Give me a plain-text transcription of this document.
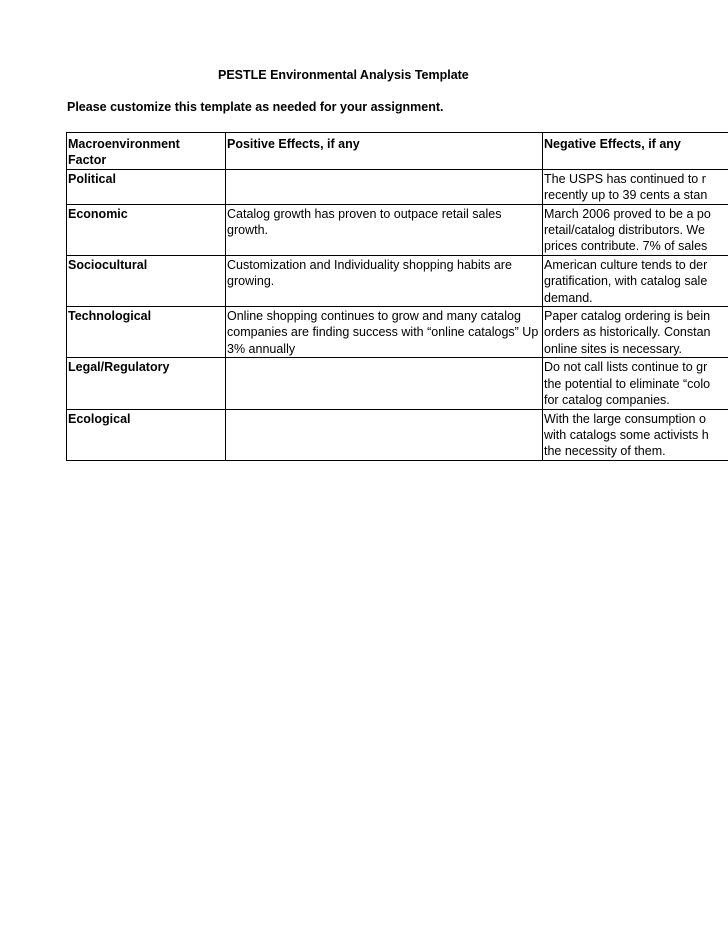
PESTLE Environmental Analysis Template
Please customize this template as needed for your assignment.
Macroenvironment Factor	Positive Effects, if any	Negative Effects, if any
Political		The USPS has continued to r
recently up to 39 cents a stan

Economic	Catalog growth has proven to outpace retail sales growth.	March 2006 proved to be a po
retail/catalog distributors. We
prices contribute. 7% of sales

Sociocultural	Customization and Individuality shopping habits are growing.	American culture tends to der
gratification, with catalog sale
demand.

Technological	Online shopping continues to grow and many catalog companies are finding success with “online catalogs” Up 3% annually	Paper catalog ordering is bein
orders as historically. Constan
online sites is necessary.

Legal/Regulatory		Do not call lists continue to gr
the potential to eliminate “colo
for catalog companies.

Ecological		With the large consumption o
with catalogs some activists h
the necessity of them.
